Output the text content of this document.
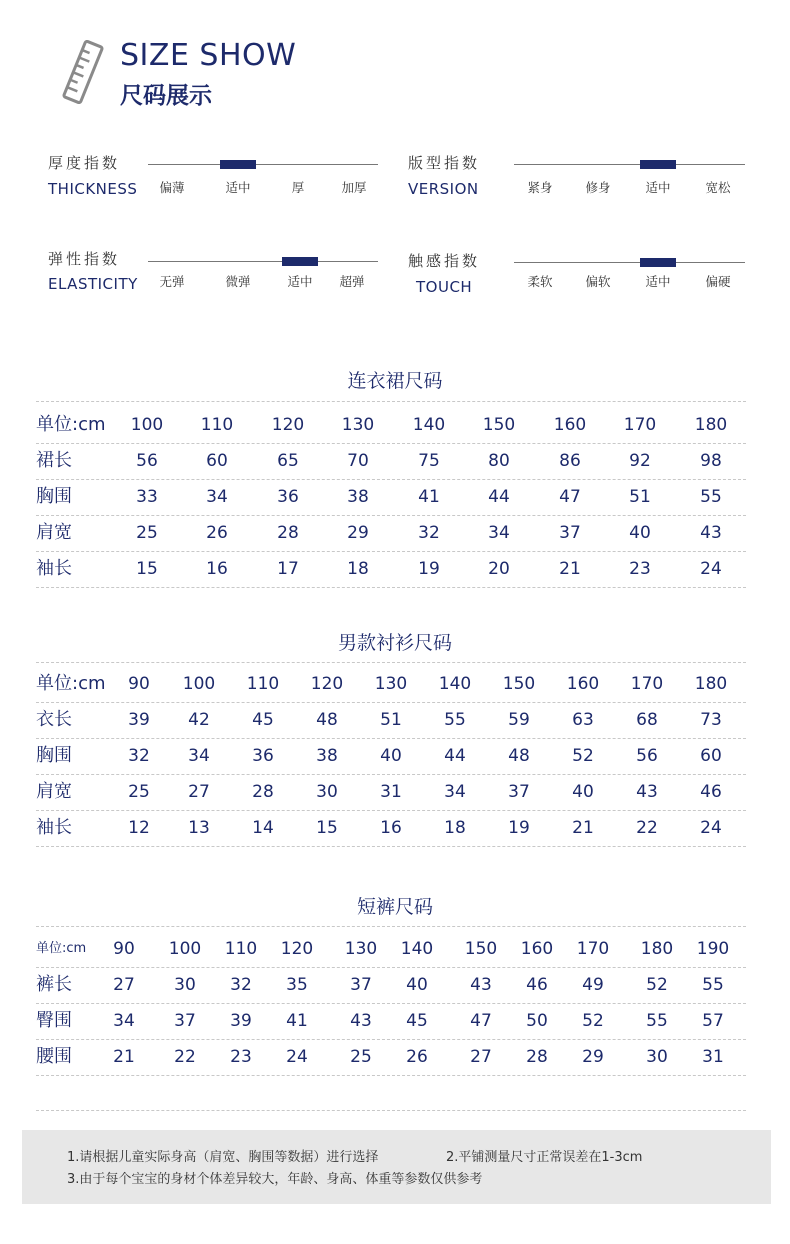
SIZE SHOW
尺码展示
厚度指数
THICKNESS	偏薄	适中	厚	加厚
版型指数
VERSION	紧身	修身	适中	宽松
弹性指数
ELASTICITY	无弹	微弹	适中	超弹
触感指数
TOUCH	柔软	偏软	适中	偏硬
连衣裙尺码
单位:cm	100	110	120	130	140	150	160	170	180
裙长	56	60	65	70	75	80	86	92	98
胸围	33	34	36	38	41	44	47	51	55
肩宽	25	26	28	29	32	34	37	40	43
袖长	15	16	17	18	19	20	21	23	24
男款衬衫尺码
单位:cm	90	100	110	120	130	140	150	160	170	180
衣长	39	42	45	48	51	55	59	63	68	73
胸围	32	34	36	38	40	44	48	52	56	60
肩宽	25	27	28	30	31	34	37	40	43	46
袖长	12	13	14	15	16	18	19	21	22	24
短裤尺码
单位:cm	90	100	110	120	130	140	150	160	170	180	190
裤长	27	30	32	35	37	40	43	46	49	52	55
臀围	34	37	39	41	43	45	47	50	52	55	57
腰围	21	22	23	24	25	26	27	28	29	30	31
1.请根据儿童实际身高（肩宽、胸围等数据）进行选择	2.平铺测量尺寸正常误差在1-3cm
3.由于每个宝宝的身材个体差异较大，年龄、身高、体重等参数仅供参考
